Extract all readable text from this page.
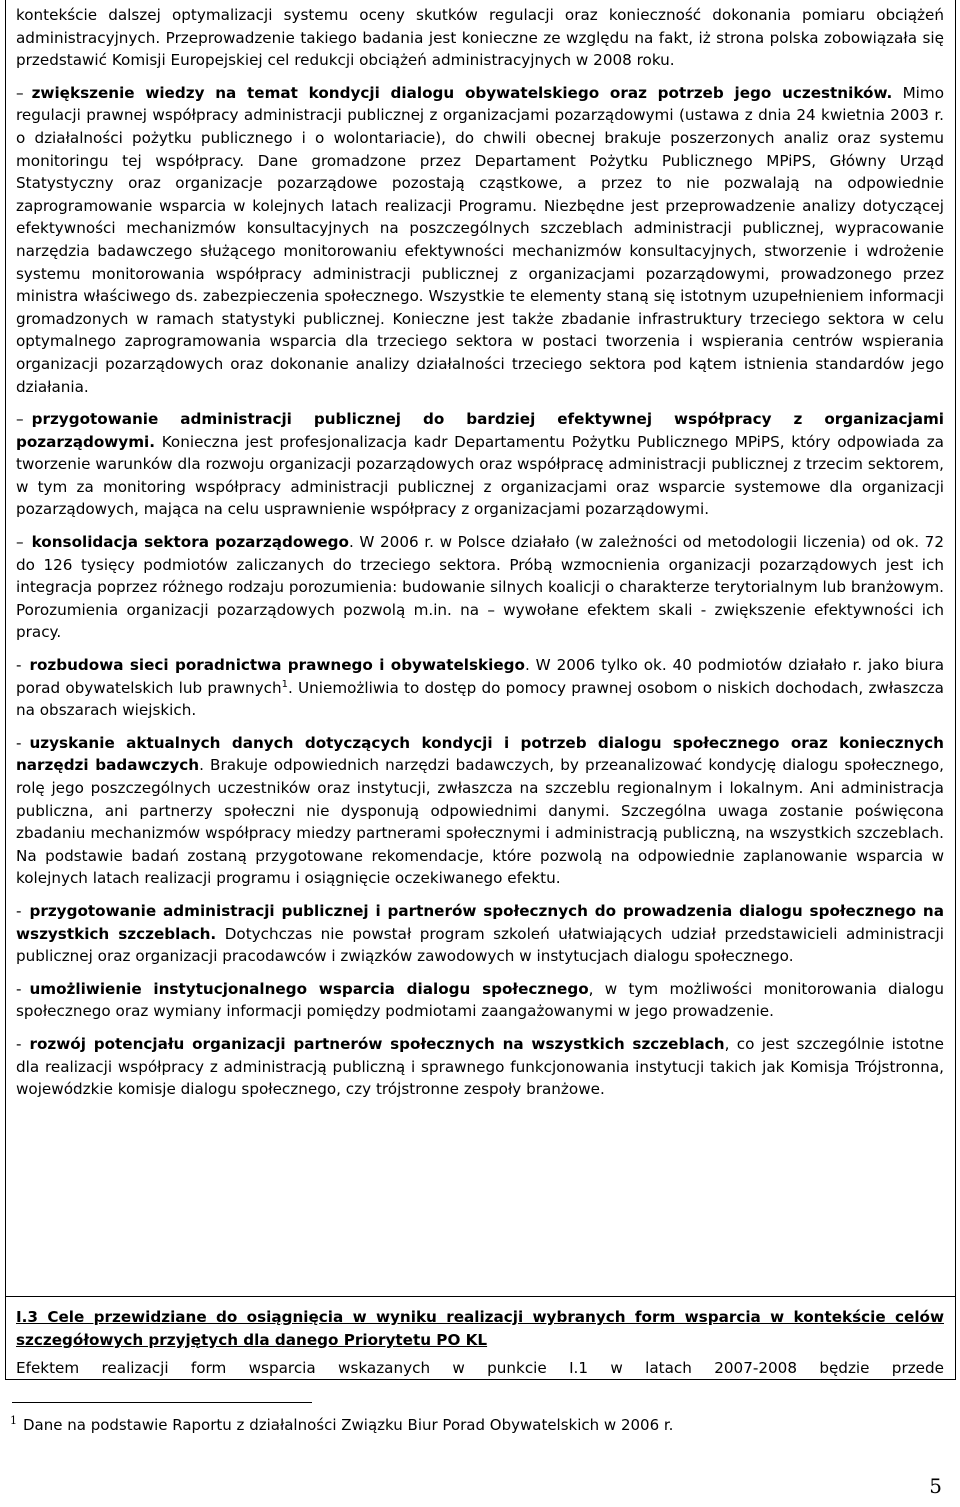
kontekście dalszej optymalizacji systemu oceny skutków regulacji oraz konieczność dokonania pomiaru obciążeń administracyjnych. Przeprowadzenie takiego badania jest konieczne ze względu na fakt, iż strona polska zobowiązała się przedstawić Komisji Europejskiej cel redukcji obciążeń administracyjnych w 2008 roku.

– zwiększenie wiedzy na temat kondycji dialogu obywatelskiego oraz potrzeb jego uczestników. Mimo regulacji prawnej współpracy administracji publicznej z organizacjami pozarządowymi (ustawa z dnia 24 kwietnia 2003 r. o działalności pożytku publicznego i o wolontariacie), do chwili obecnej brakuje poszerzonych analiz oraz systemu monitoringu tej współpracy. Dane gromadzone przez Departament Pożytku Publicznego MPiPS, Główny Urząd Statystyczny oraz organizacje pozarządowe pozostają cząstkowe, a przez to nie pozwalają na odpowiednie zaprogramowanie wsparcia w kolejnych latach realizacji Programu. Niezbędne jest przeprowadzenie analizy dotyczącej efektywności mechanizmów konsultacyjnych na poszczególnych szczeblach administracji publicznej, wypracowanie narzędzia badawczego służącego monitorowaniu efektywności mechanizmów konsultacyjnych, stworzenie i wdrożenie systemu monitorowania współpracy administracji publicznej z organizacjami pozarządowymi, prowadzonego przez ministra właściwego ds. zabezpieczenia społecznego. Wszystkie te elementy staną się istotnym uzupełnieniem informacji gromadzonych w ramach statystyki publicznej. Konieczne jest także zbadanie infrastruktury trzeciego sektora w celu optymalnego zaprogramowania wsparcia dla trzeciego sektora w postaci tworzenia i wspierania centrów wspierania organizacji pozarządowych oraz dokonanie analizy działalności trzeciego sektora pod kątem istnienia standardów jego działania.

– przygotowanie administracji publicznej do bardziej efektywnej współpracy z organizacjami pozarządowymi. Konieczna jest profesjonalizacja kadr Departamentu Pożytku Publicznego MPiPS, który odpowiada za tworzenie warunków dla rozwoju organizacji pozarządowych oraz współpracę administracji publicznej z trzecim sektorem, w tym za monitoring współpracy administracji publicznej z organizacjami oraz wsparcie systemowe dla organizacji pozarządowych, mająca na celu usprawnienie współpracy z organizacjami pozarządowymi.

– konsolidacja sektora pozarządowego. W 2006 r. w Polsce działało (w zależności od metodologii liczenia) od ok. 72 do 126 tysięcy podmiotów zaliczanych do trzeciego sektora. Próbą wzmocnienia organizacji pozarządowych jest ich integracja poprzez różnego rodzaju porozumienia: budowanie silnych koalicji o charakterze terytorialnym lub branżowym. Porozumienia organizacji pozarządowych pozwolą m.in. na – wywołane efektem skali - zwiększenie efektywności ich pracy.

- rozbudowa sieci poradnictwa prawnego i obywatelskiego. W 2006 tylko ok. 40 podmiotów działało r. jako biura porad obywatelskich lub prawnych$^1$. Uniemożliwia to dostęp do pomocy prawnej osobom o niskich dochodach, zwłaszcza na obszarach wiejskich.

- uzyskanie aktualnych danych dotyczących kondycji i potrzeb dialogu społecznego oraz koniecznych narzędzi badawczych. Brakuje odpowiednich narzędzi badawczych, by przeanalizować kondycję dialogu społecznego, rolę jego poszczególnych uczestników oraz instytucji, zwłaszcza na szczeblu regionalnym i lokalnym. Ani administracja publiczna, ani partnerzy społeczni nie dysponują odpowiednimi danymi. Szczególna uwaga zostanie poświęcona zbadaniu mechanizmów współpracy miedzy partnerami społecznymi i administracją publiczną, na wszystkich szczeblach. Na podstawie badań zostaną przygotowane rekomendacje, które pozwolą na odpowiednie zaplanowanie wsparcia w kolejnych latach realizacji programu i osiągnięcie oczekiwanego efektu.

- przygotowanie administracji publicznej i partnerów społecznych do prowadzenia dialogu społecznego na wszystkich szczeblach. Dotychczas nie powstał program szkoleń ułatwiających udział przedstawicieli administracji publicznej oraz organizacji pracodawców i związków zawodowych w instytucjach dialogu społecznego.

- umożliwienie instytucjonalnego wsparcia dialogu społecznego, w tym możliwości monitorowania dialogu społecznego oraz wymiany informacji pomiędzy podmiotami zaangażowanymi w jego prowadzenie.

- rozwój potencjału organizacji partnerów społecznych na wszystkich szczeblach, co jest szczególnie istotne dla realizacji współpracy z administracją publiczną i sprawnego funkcjonowania instytucji takich jak Komisja Trójstronna, wojewódzkie komisje dialogu społecznego, czy trójstronne zespoły branżowe.

I.3 Cele przewidziane do osiągnięcia w wyniku realizacji wybranych form wsparcia w kontekście celów szczegółowych przyjętych dla danego Priorytetu PO KL
Efektem realizacji form wsparcia wskazanych w punkcie I.1 w latach 2007-2008 będzie przede
$^1$ Dane na podstawie Raportu z działalności Związku Biur Porad Obywatelskich w 2006 r.
5
